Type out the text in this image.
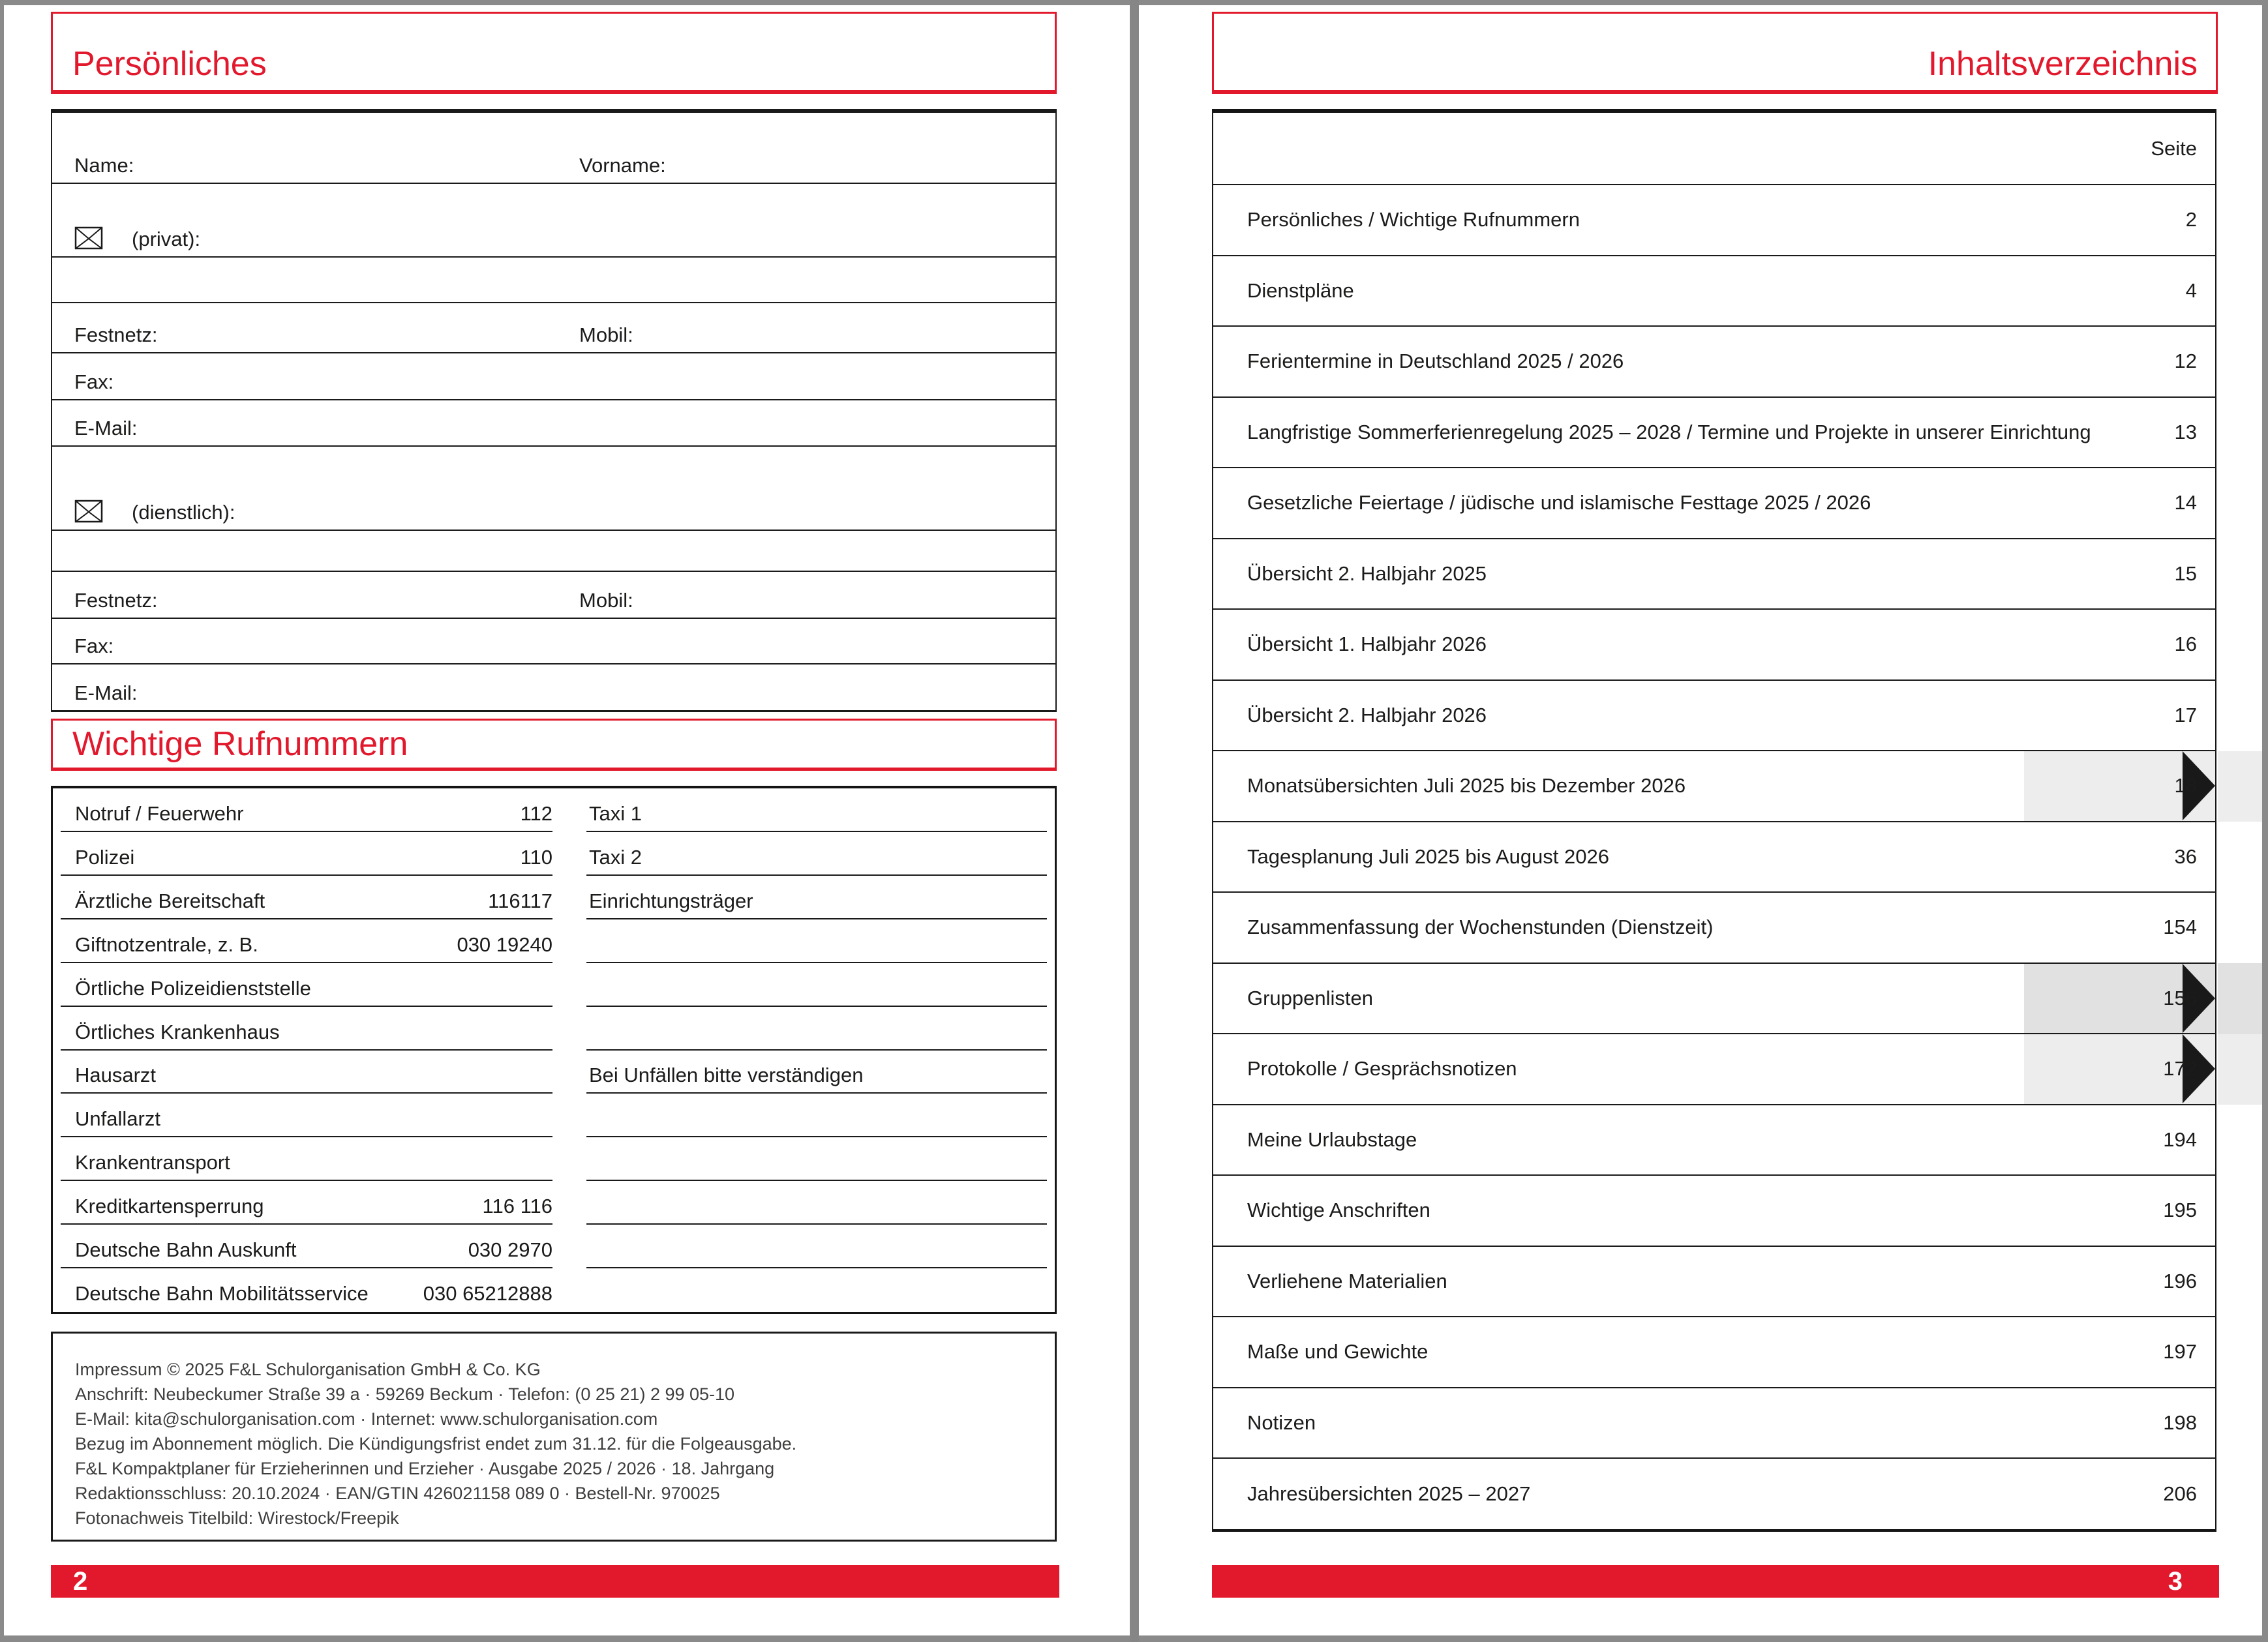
Persönliches
Name:	Vorname:
(privat):
Festnetz:	Mobil:
Fax:
E-Mail:
(dienstlich):
Festnetz:	Mobil:
Fax:
E-Mail:
Wichtige Rufnummern
Notruf / Feuerwehr	112 Taxi 1
Polizei	110 Taxi 2
Ärztliche Bereitschaft	116117 Einrichtungsträger
Giftnotzentrale, z. B.	030 19240
Örtliche Polizeidienststelle
Örtliches Krankenhaus
Hausarzt	Bei Unfällen bitte verständigen
Unfallarzt
Krankentransport
Kreditkartensperrung	116 116
Deutsche Bahn Auskunft	030 2970
Deutsche Bahn Mobilitätsservice	030 65212888
Impressum © 2025 F&L Schulorganisation GmbH & Co. KG
Anschrift: Neubeckumer Straße 39 a · 59269 Beckum · Telefon: (0 25 21) 2 99 05-10
E-Mail: kita@schulorganisation.com · Internet: www.schulorganisation.com
Bezug im Abonnement möglich. Die Kündigungsfrist endet zum 31.12. für die Folgeausgabe.
F&L Kompaktplaner für Erzieherinnen und Erzieher · Ausgabe 2025 / 2026 · 18. Jahrgang
Redaktionsschluss: 20.10.2024 · EAN/GTIN 426021158 089 0 · Bestell-Nr. 970025
Fotonachweis Titelbild: Wirestock/Freepik
2
Inhaltsverzeichnis
Seite
Persönliches / Wichtige Rufnummern	2
Dienstpläne	4
Ferientermine in Deutschland 2025 / 2026	12
Langfristige Sommerferienregelung 2025 – 2028 / Termine und Projekte in unserer Einrichtung	13
Gesetzliche Feiertage / jüdische und islamische Festtage 2025 / 2026	14
Übersicht 2. Halbjahr 2025	15
Übersicht 1. Halbjahr 2026	16
Übersicht 2. Halbjahr 2026	17
Monatsübersichten Juli 2025 bis Dezember 2026	18
Tagesplanung Juli 2025 bis August 2026	36
Zusammenfassung der Wochenstunden (Dienstzeit)	154
Gruppenlisten	156
Protokolle / Gesprächsnotizen	172
Meine Urlaubstage	194
Wichtige Anschriften	195
Verliehene Materialien	196
Maße und Gewichte	197
Notizen	198
Jahresübersichten 2025 – 2027	206
3
